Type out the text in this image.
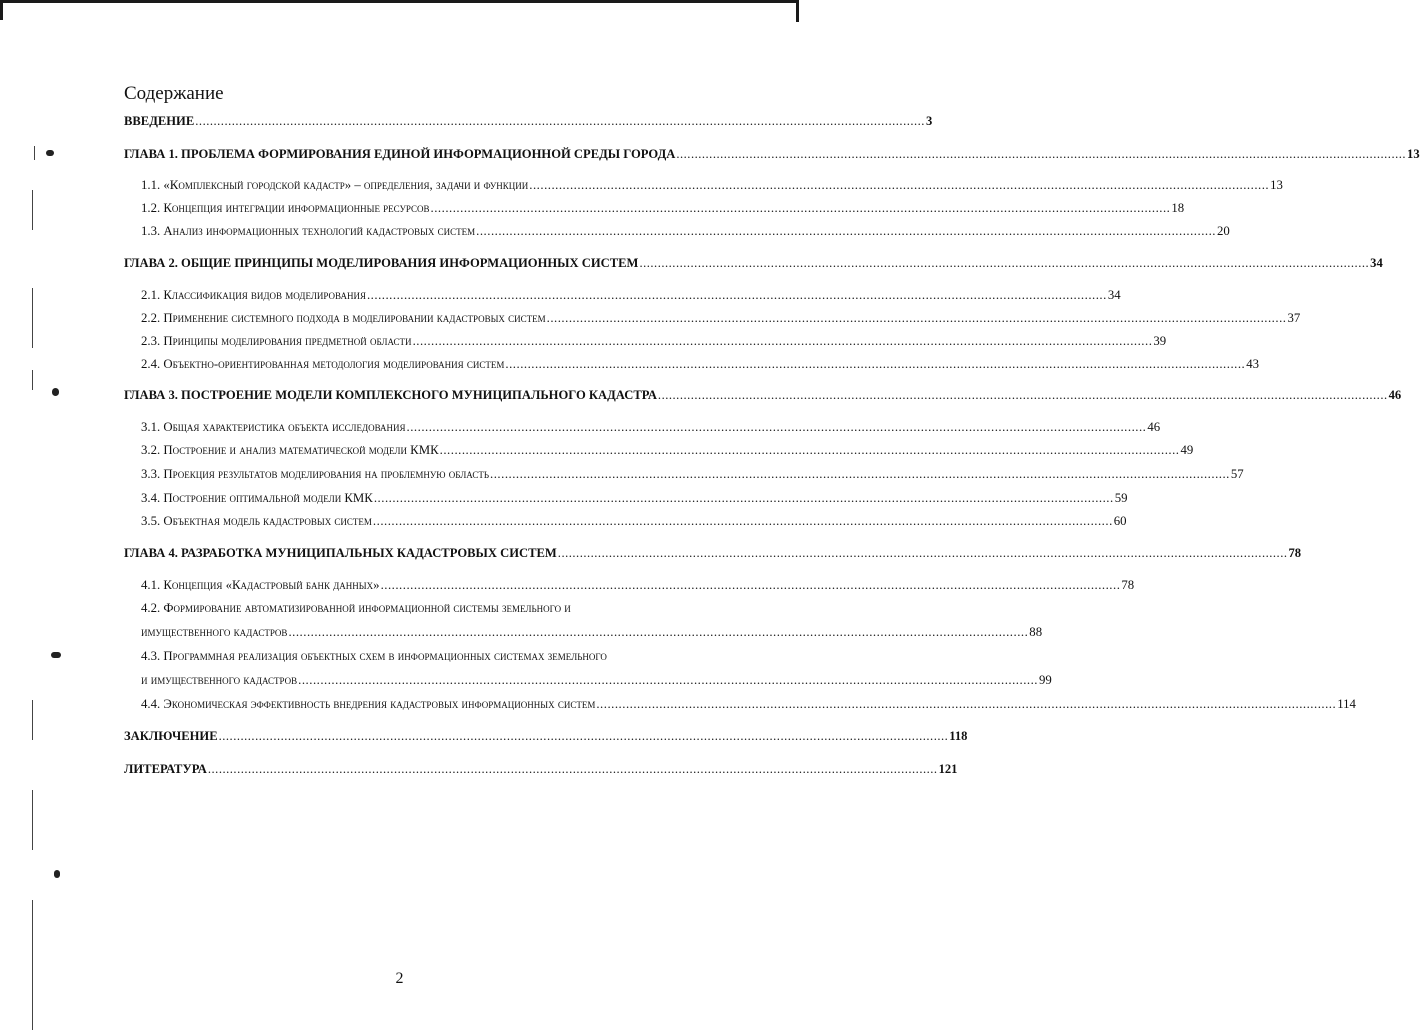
Содержание
ВВЕДЕНИЕ ........................................................................................................................................................................................................ 3
ГЛАВА 1. ПРОБЛЕМА ФОРМИРОВАНИЯ ЕДИНОЙ ИНФОРМАЦИОННОЙ СРЕДЫ ГОРОДА ........................................................................................................................................................................................................ 13
1.1. «Комплексный городской кадастр» – определения, задачи и функции ........................................................................................................................................................................................................ 13
1.2. Концепция интеграции информационные ресурсов ........................................................................................................................................................................................................ 18
1.3. Анализ информационных технологий кадастровых систем ........................................................................................................................................................................................................ 20
ГЛАВА 2. ОБЩИЕ ПРИНЦИПЫ МОДЕЛИРОВАНИЯ ИНФОРМАЦИОННЫХ СИСТЕМ ........................................................................................................................................................................................................ 34
2.1. Классификация видов моделирования ........................................................................................................................................................................................................ 34
2.2. Применение системного подхода в моделировании кадастровых систем ........................................................................................................................................................................................................ 37
2.3. Принципы моделирования предметной области ........................................................................................................................................................................................................ 39
2.4. Объектно-ориентированная методология моделирования систем ........................................................................................................................................................................................................ 43
ГЛАВА 3. ПОСТРОЕНИЕ МОДЕЛИ КОМПЛЕКСНОГО МУНИЦИПАЛЬНОГО КАДАСТРА ........................................................................................................................................................................................................ 46
3.1. Общая характеристика объекта исследования ........................................................................................................................................................................................................ 46
3.2. Построение и анализ математической модели КМК ........................................................................................................................................................................................................ 49
3.3. Проекция результатов моделирования на проблемную область ........................................................................................................................................................................................................ 57
3.4. Построение оптимальной модели КМК ........................................................................................................................................................................................................ 59
3.5. Объектная модель кадастровых систем ........................................................................................................................................................................................................ 60
ГЛАВА 4. РАЗРАБОТКА МУНИЦИПАЛЬНЫХ КАДАСТРОВЫХ СИСТЕМ ........................................................................................................................................................................................................ 78
4.1. Концепция «Кадастровый банк данных» ........................................................................................................................................................................................................ 78
4.2. Формирование автоматизированной информационной системы земельного и
имущественного кадастров ........................................................................................................................................................................................................ 88
4.3. Программная реализация объектных схем в информационных системах земельного
и имущественного кадастров ........................................................................................................................................................................................................ 99
4.4. Экономическая эффективность внедрения кадастровых информационных систем ........................................................................................................................................................................................................ 114
ЗАКЛЮЧЕНИЕ ........................................................................................................................................................................................................ 118
ЛИТЕРАТУРА ........................................................................................................................................................................................................ 121
2
